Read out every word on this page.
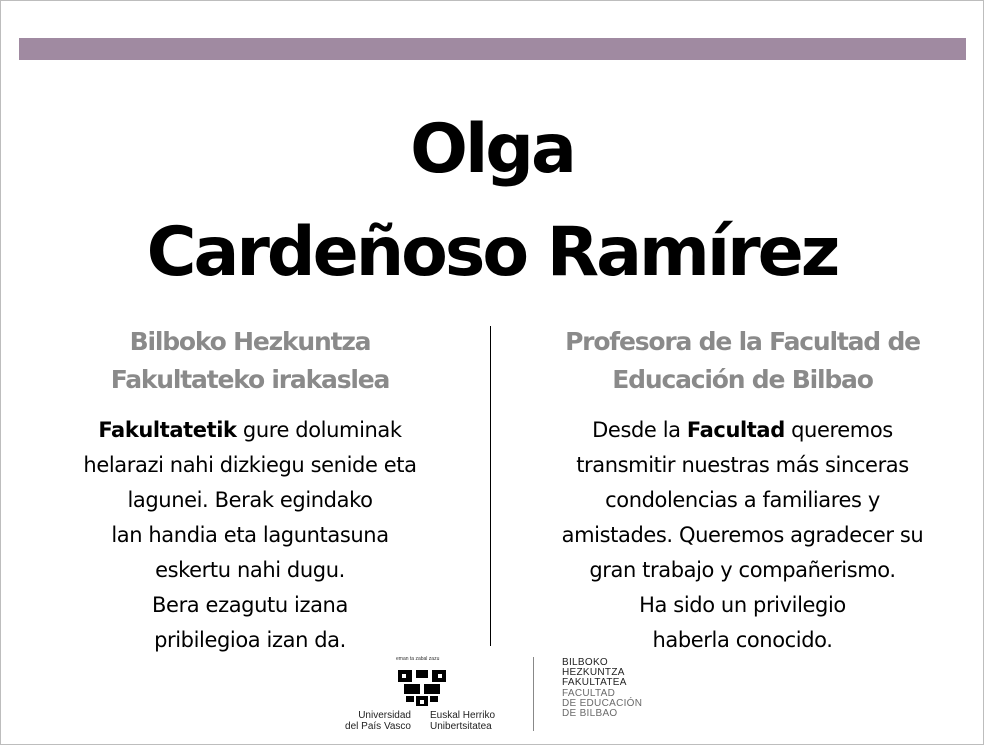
Olga
Cardeñoso Ramírez
Bilboko Hezkuntza
Fakultateko irakaslea
Fakultatetik gure doluminak
helarazi nahi dizkiegu senide eta
lagunei. Berak egindako
lan handia eta laguntasuna
eskertu nahi dugu.
Bera ezagutu izana
pribilegioa izan da.
Profesora de la Facultad de
Educación de Bilbao
Desde la Facultad queremos
transmitir nuestras más sinceras
condolencias a familiares y
amistades. Queremos agradecer su
gran trabajo y compañerismo.
Ha sido un privilegio
haberla conocido.
eman ta zabal zazu
Universidad
del País Vasco
Euskal Herriko
Unibertsitatea
BILBOKO
HEZKUNTZA
FAKULTATEA
FACULTAD
DE EDUCACIÓN
DE BILBAO
